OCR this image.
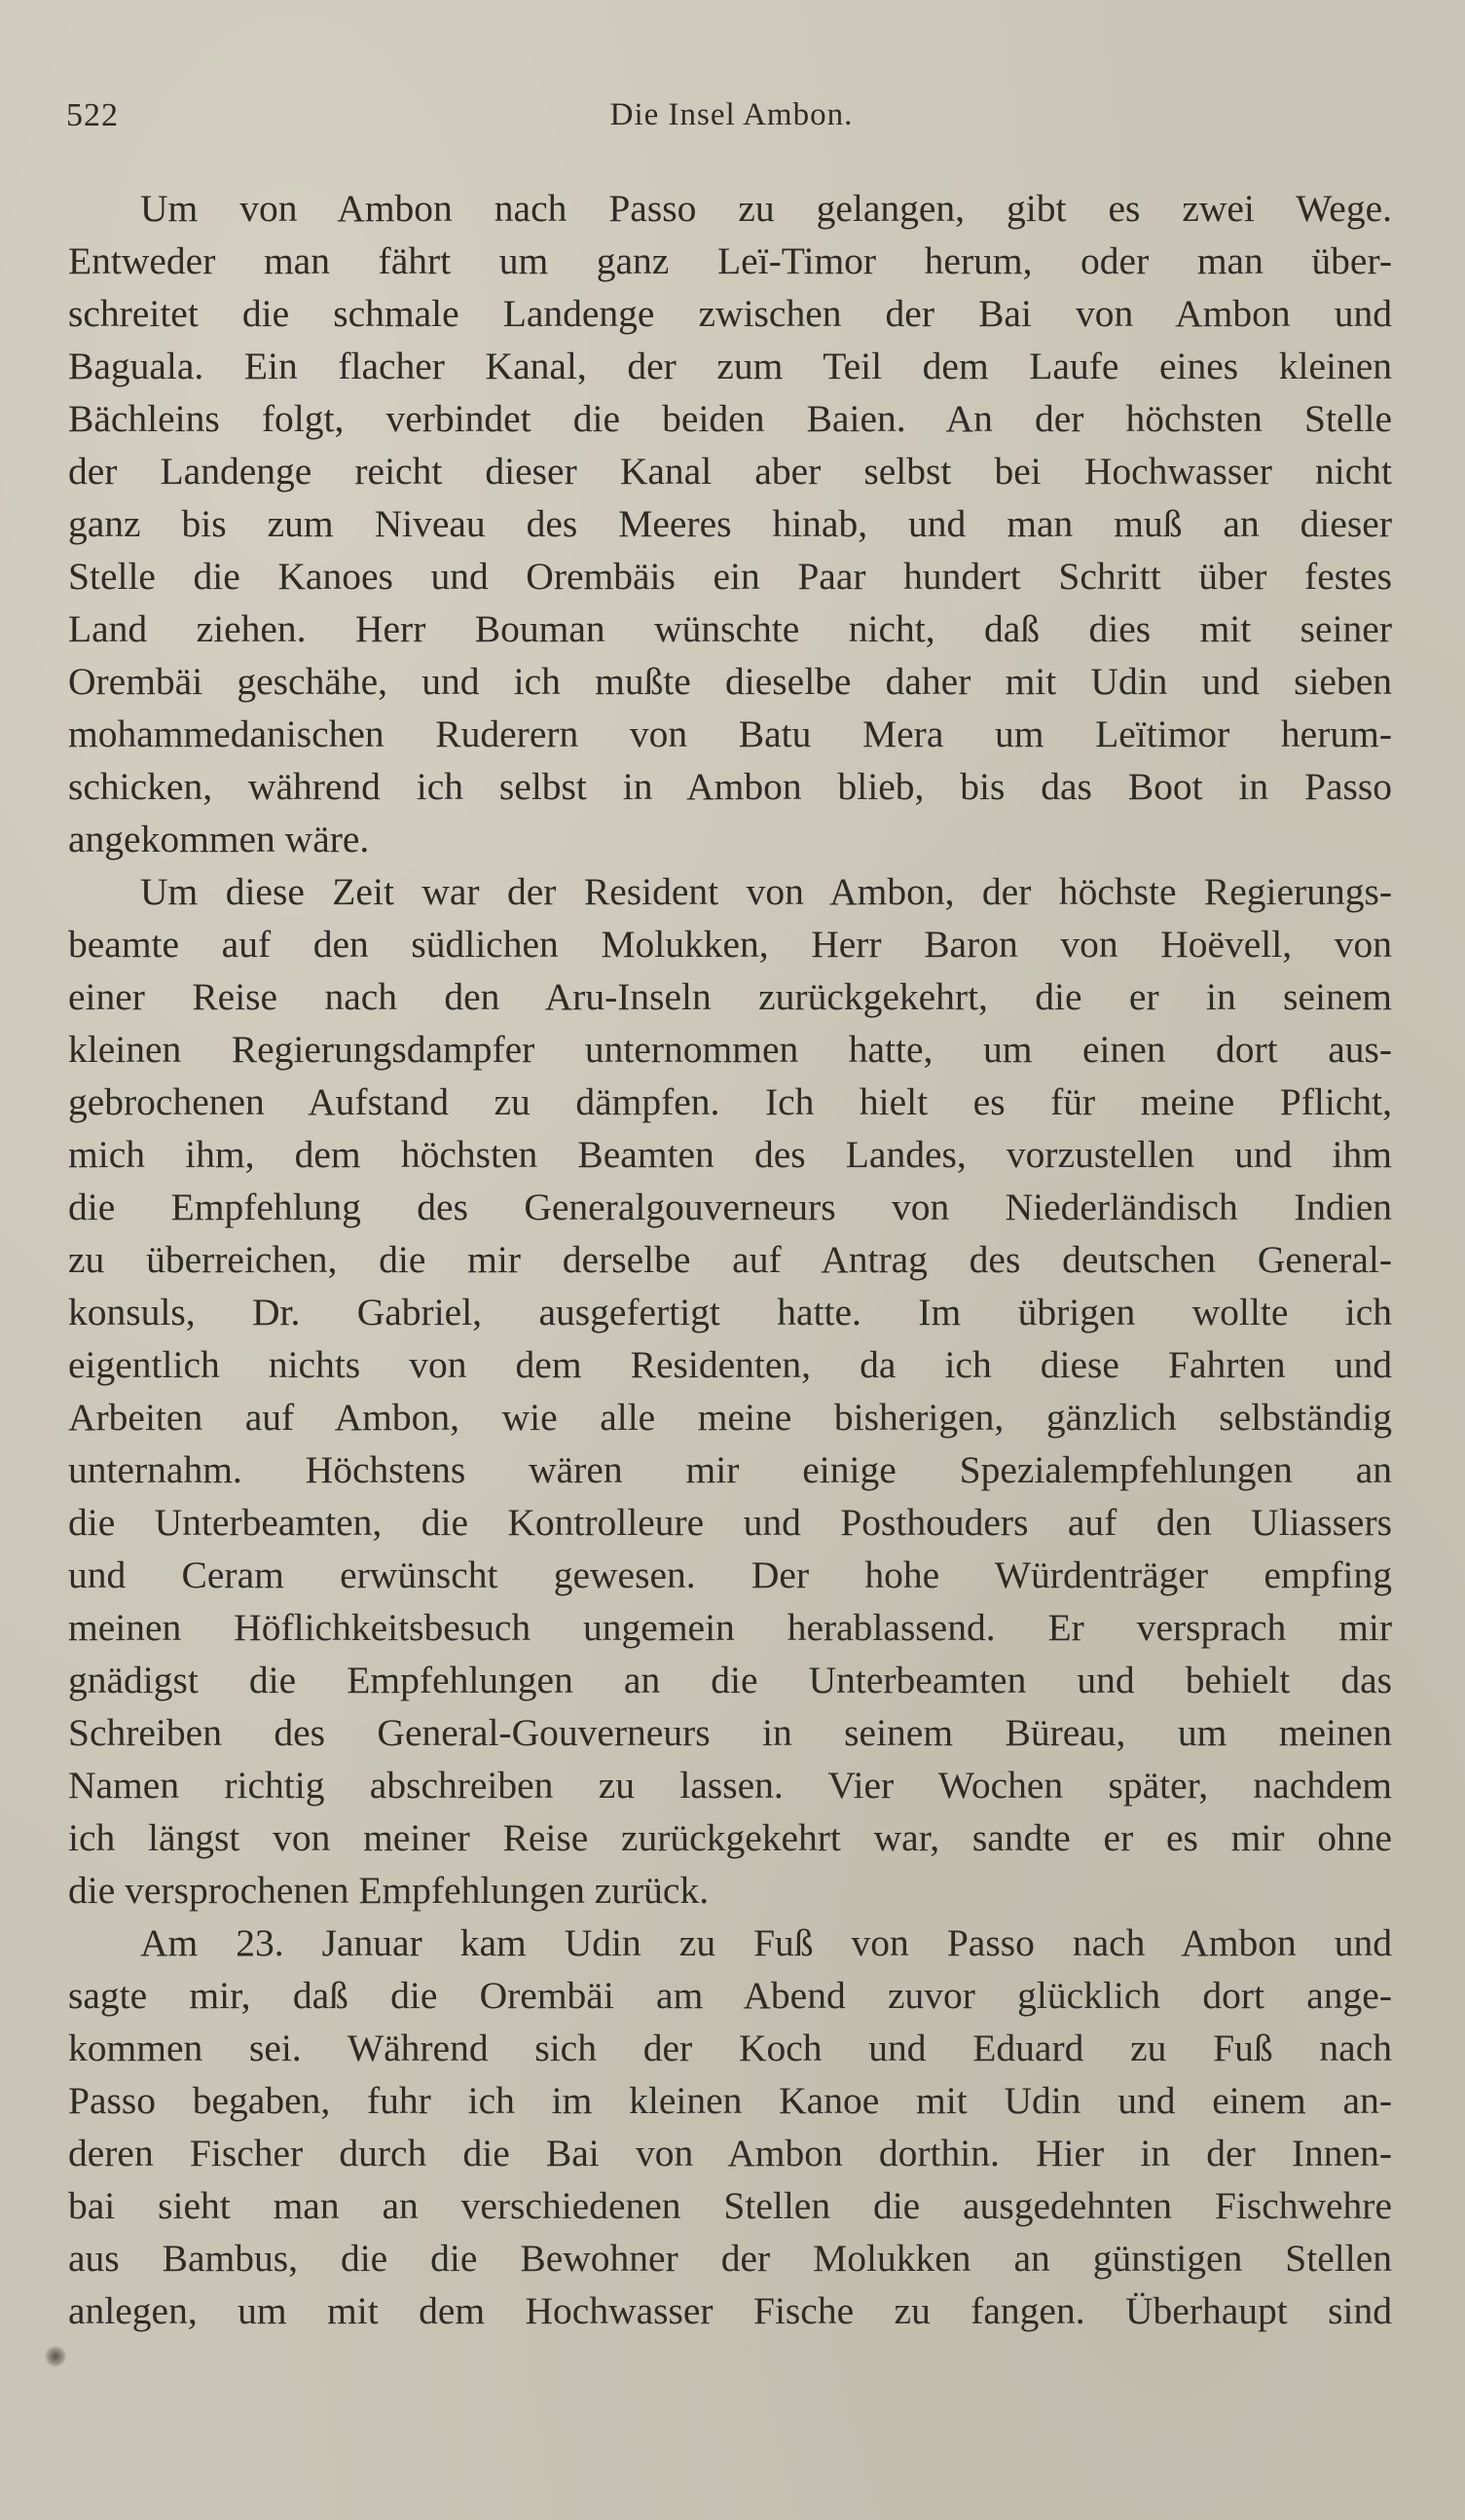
522	Die Insel Ambon.

Um von Ambon nach Passo zu gelangen, gibt es zwei Wege.

Entweder man fährt um ganz Leï-Timor herum, oder man über-

schreitet die schmale Landenge zwischen der Bai von Ambon und

Baguala. Ein flacher Kanal, der zum Teil dem Laufe eines kleinen

Bächleins folgt, verbindet die beiden Baien. An der höchsten Stelle

der Landenge reicht dieser Kanal aber selbst bei Hochwasser nicht

ganz bis zum Niveau des Meeres hinab, und man muß an dieser

Stelle die Kanoes und Orembäis ein Paar hundert Schritt über festes

Land ziehen. Herr Bouman wünschte nicht, daß dies mit seiner

Orembäi geschähe, und ich mußte dieselbe daher mit Udin und sieben

mohammedanischen Ruderern von Batu Mera um Leïtimor herum-

schicken, während ich selbst in Ambon blieb, bis das Boot in Passo

angekommen wäre.

Um diese Zeit war der Resident von Ambon, der höchste Regierungs-

beamte auf den südlichen Molukken, Herr Baron von Hoëvell, von

einer Reise nach den Aru-Inseln zurückgekehrt, die er in seinem

kleinen Regierungsdampfer unternommen hatte, um einen dort aus-

gebrochenen Aufstand zu dämpfen. Ich hielt es für meine Pflicht,

mich ihm, dem höchsten Beamten des Landes, vorzustellen und ihm

die Empfehlung des Generalgouverneurs von Niederländisch Indien

zu überreichen, die mir derselbe auf Antrag des deutschen General-

konsuls, Dr. Gabriel, ausgefertigt hatte. Im übrigen wollte ich

eigentlich nichts von dem Residenten, da ich diese Fahrten und

Arbeiten auf Ambon, wie alle meine bisherigen, gänzlich selbständig

unternahm. Höchstens wären mir einige Spezialempfehlungen an

die Unterbeamten, die Kontrolleure und Posthouders auf den Uliassers

und Ceram erwünscht gewesen. Der hohe Würdenträger empfing

meinen Höflichkeitsbesuch ungemein herablassend. Er versprach mir

gnädigst die Empfehlungen an die Unterbeamten und behielt das

Schreiben des General-Gouverneurs in seinem Büreau, um meinen

Namen richtig abschreiben zu lassen. Vier Wochen später, nachdem

ich längst von meiner Reise zurückgekehrt war, sandte er es mir ohne

die versprochenen Empfehlungen zurück.

Am 23. Januar kam Udin zu Fuß von Passo nach Ambon und

sagte mir, daß die Orembäi am Abend zuvor glücklich dort ange-

kommen sei. Während sich der Koch und Eduard zu Fuß nach

Passo begaben, fuhr ich im kleinen Kanoe mit Udin und einem an-

deren Fischer durch die Bai von Ambon dorthin. Hier in der Innen-

bai sieht man an verschiedenen Stellen die ausgedehnten Fischwehre

aus Bambus, die die Bewohner der Molukken an günstigen Stellen

anlegen, um mit dem Hochwasser Fische zu fangen. Überhaupt sind
